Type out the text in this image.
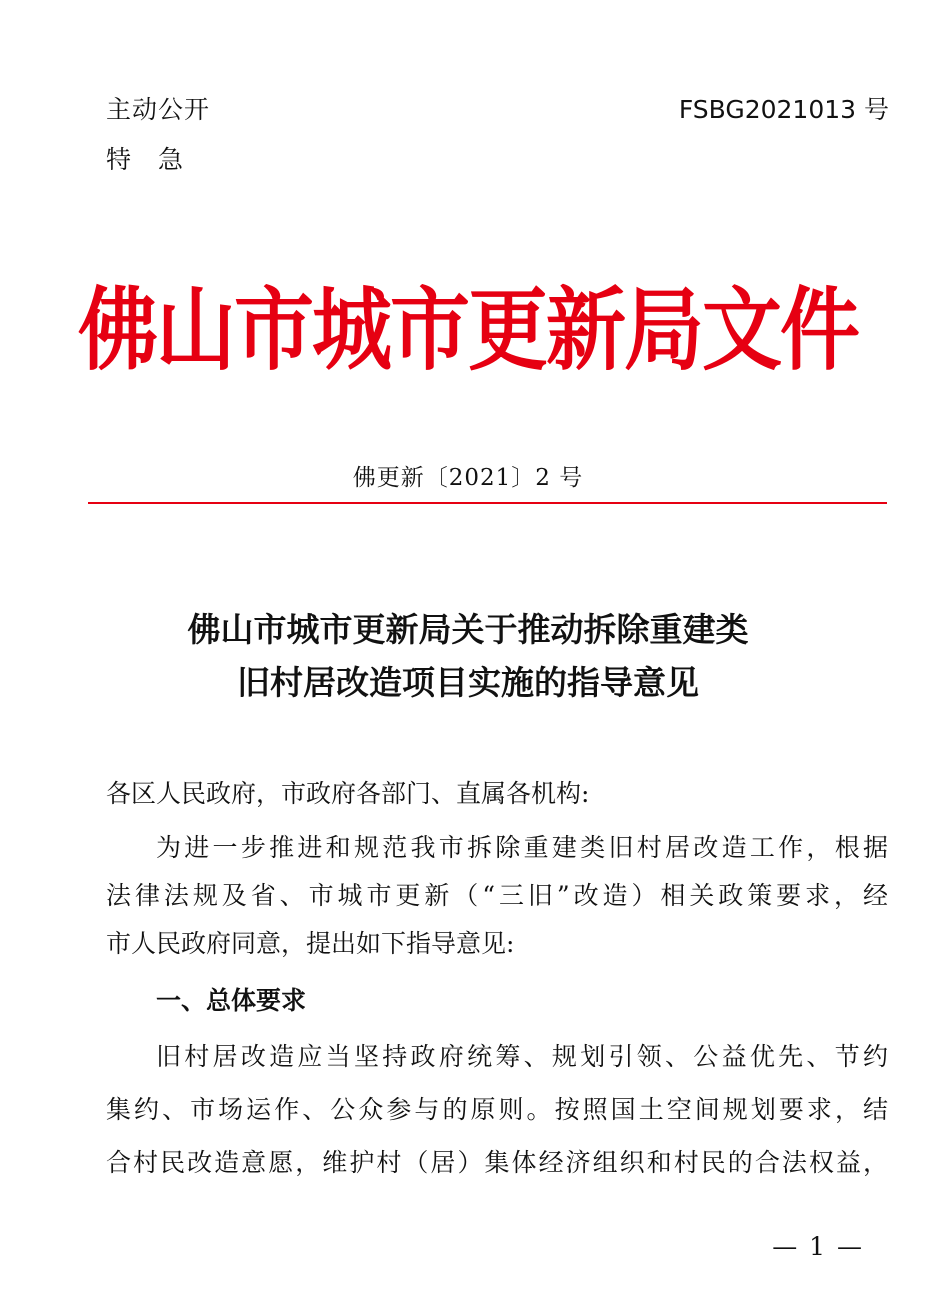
主动公开
特急
FSBG2021013 号
佛山市城市更新局文件
佛更新〔2021〕2 号
佛山市城市更新局关于推动拆除重建类
旧村居改造项目实施的指导意见
各区人民政府，市政府各部门、直属各机构:
为进一步推进和规范我市拆除重建类旧村居改造工作，根据
法律法规及省、市城市更新（“三旧”改造）相关政策要求，经
市人民政府同意，提出如下指导意见:
一、总体要求
旧村居改造应当坚持政府统筹、规划引领、公益优先、节约
集约、市场运作、公众参与的原则。按照国土空间规划要求，结
合村民改造意愿，维护村（居）集体经济组织和村民的合法权益，
— 1 —
